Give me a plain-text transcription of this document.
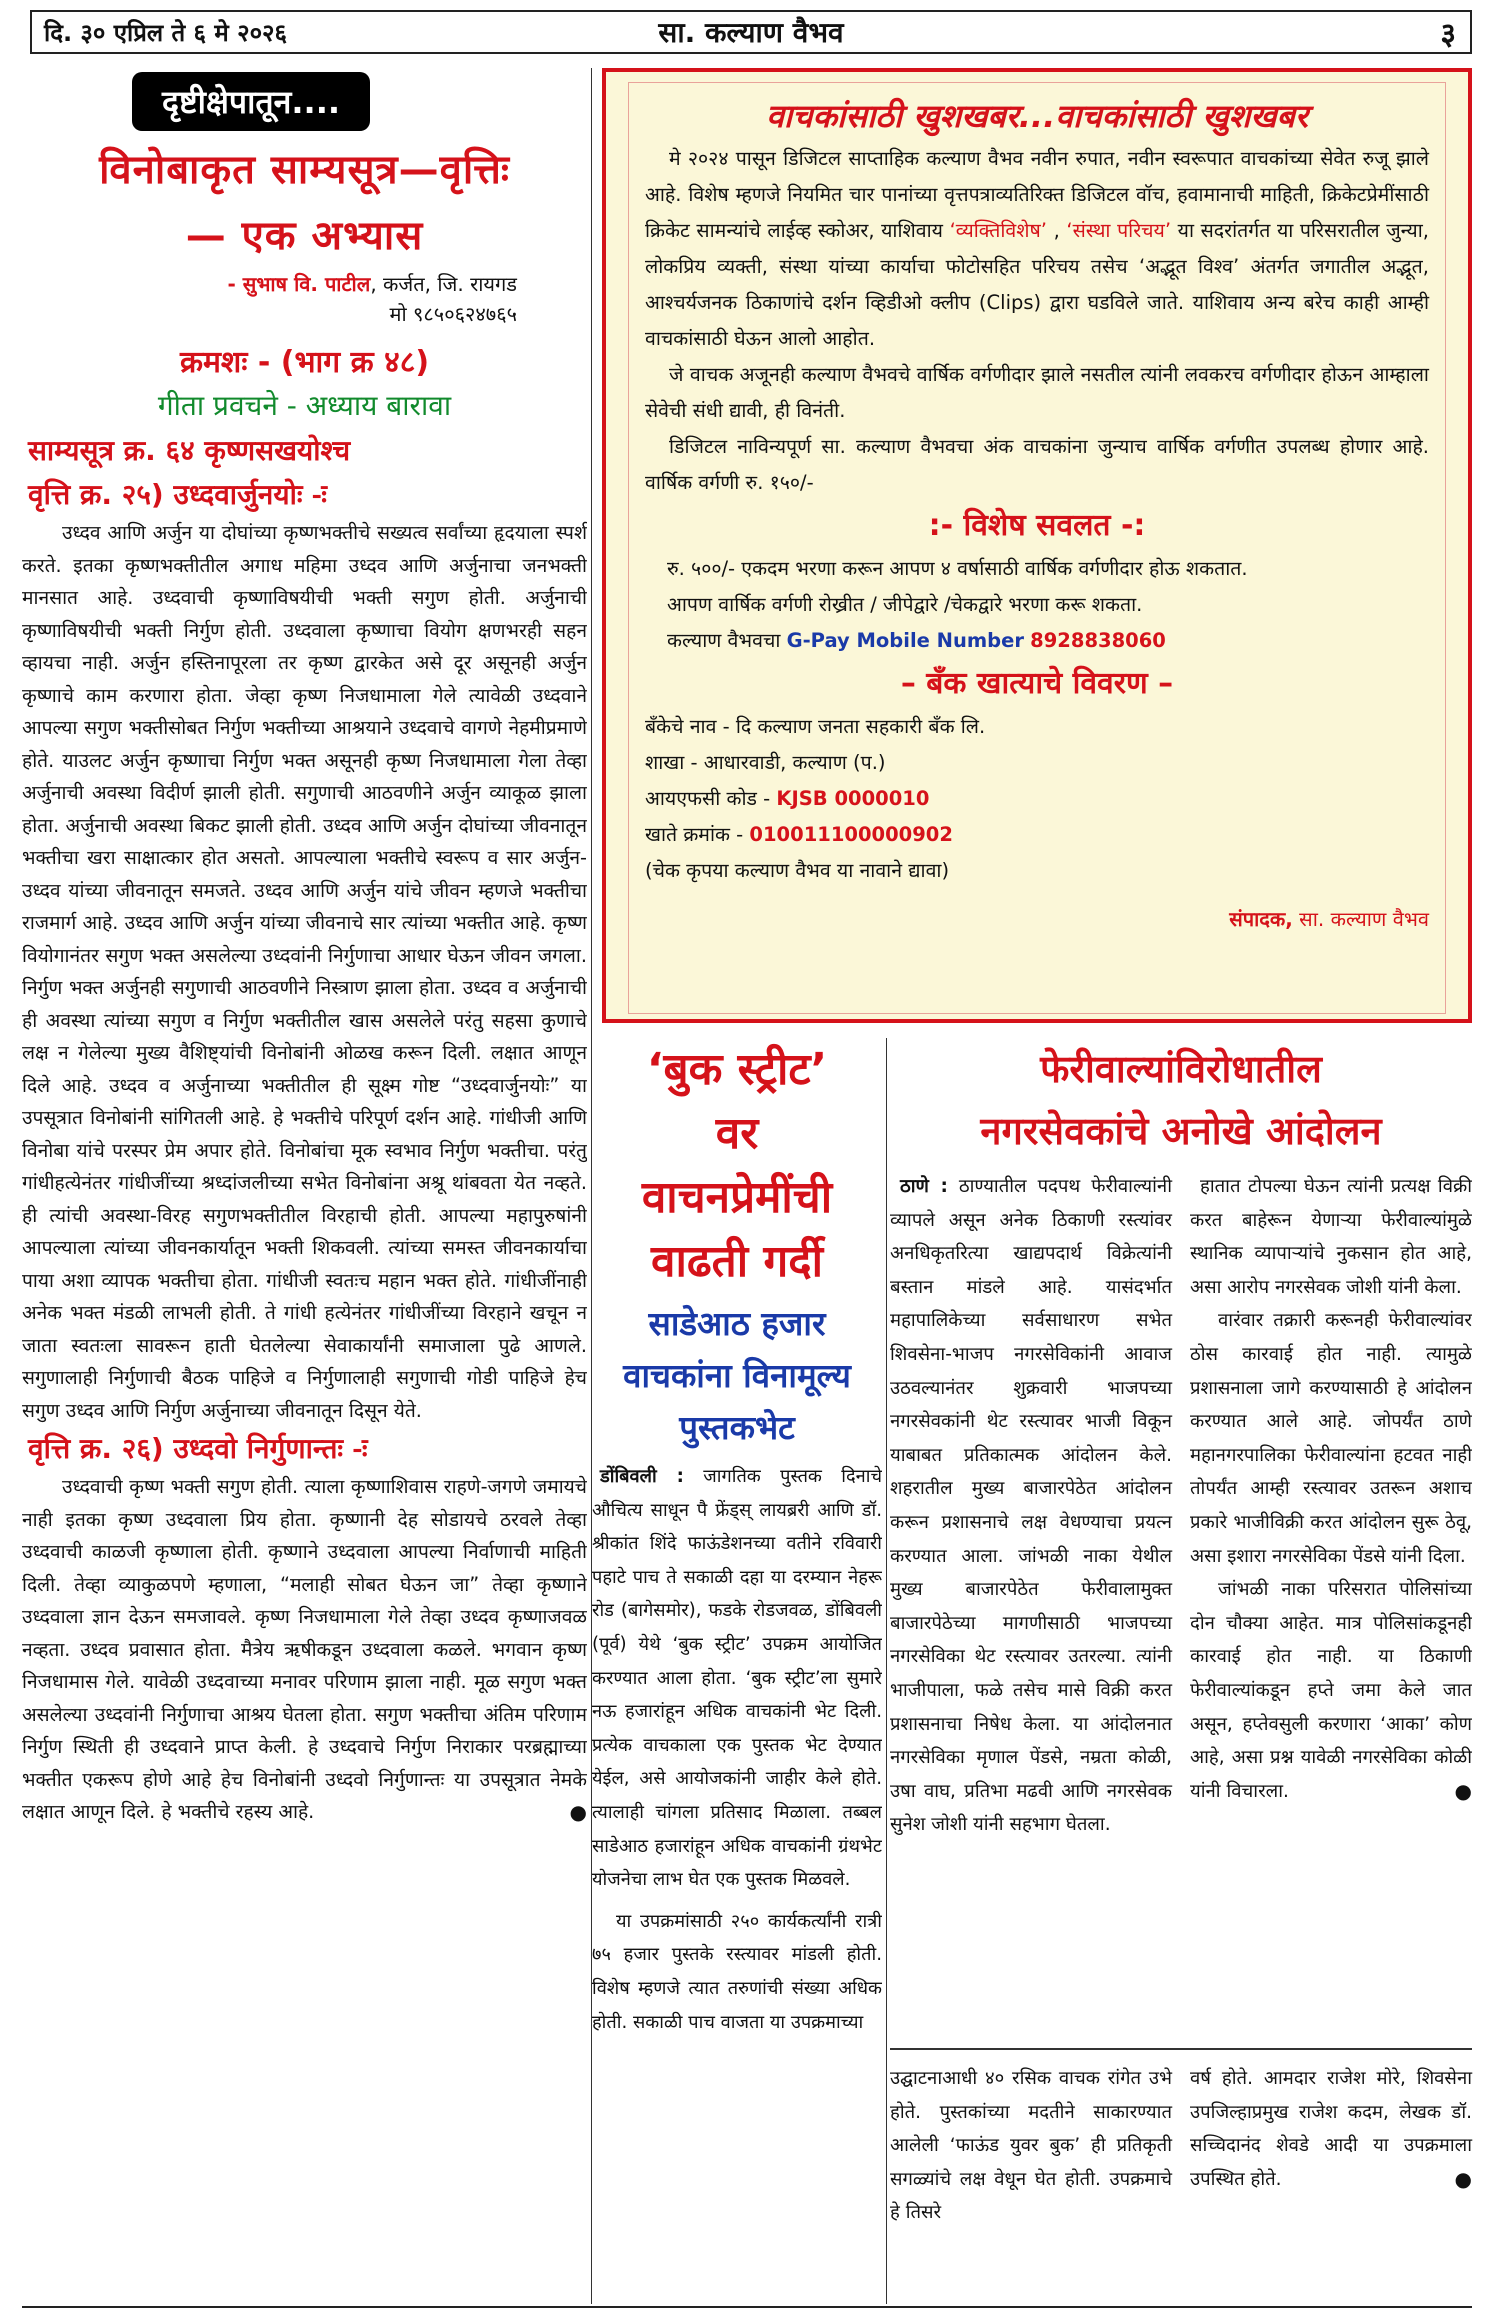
दि. ३० एप्रिल ते ६ मे २०२६	सा. कल्याण वैभव	३
दृष्टीक्षेपातून....
विनोबाकृत साम्यसूत्र—वृत्तिः
— एक अभ्यास
- सुभाष वि. पाटील, कर्जत, जि. रायगड
मो ९८५०६२४७६५
क्रमशः - (भाग क्र ४८)
गीता प्रवचने - अध्याय बारावा
साम्यसूत्र क्र. ६४ कृष्णसखयोश्च
वृत्ति क्र. २५) उध्दवार्जुनयोः -ः

उध्दव आणि अर्जुन या दोघांच्या कृष्णभक्तीचे सख्यत्व सर्वांच्या हृदयाला स्पर्श करते. इतका कृष्णभक्तीतील अगाध महिमा उध्दव आणि अर्जुनाचा जनभक्ती मानसात आहे. उध्दवाची कृष्णाविषयीची भक्ती सगुण होती. अर्जुनाची कृष्णाविषयीची भक्ती निर्गुण होती. उध्दवाला कृष्णाचा वियोग क्षणभरही सहन व्हायचा नाही. अर्जुन हस्तिनापूरला तर कृष्ण द्वारकेत असे दूर असूनही अर्जुन कृष्णाचे काम करणारा होता. जेव्हा कृष्ण निजधामाला गेले त्यावेळी उध्दवाने आपल्या सगुण भक्तीसोबत निर्गुण भक्तीच्या आश्रयाने उध्दवाचे वागणे नेहमीप्रमाणे होते. याउलट अर्जुन कृष्णाचा निर्गुण भक्त असूनही कृष्ण निजधामाला गेला तेव्हा अर्जुनाची अवस्था विदीर्ण झाली होती. सगुणाची आठवणीने अर्जुन व्याकूळ झाला होता. अर्जुनाची अवस्था बिकट झाली होती. उध्दव आणि अर्जुन दोघांच्या जीवनातून भक्तीचा खरा साक्षात्कार होत असतो. आपल्याला भक्तीचे स्वरूप व सार अर्जुन-उध्दव यांच्या जीवनातून समजते. उध्दव आणि अर्जुन यांचे जीवन म्हणजे भक्तीचा राजमार्ग आहे. उध्दव आणि अर्जुन यांच्या जीवनाचे सार त्यांच्या भक्तीत आहे. कृष्ण वियोगानंतर सगुण भक्त असलेल्या उध्दवांनी निर्गुणाचा आधार घेऊन जीवन जगला. निर्गुण भक्त अर्जुनही सगुणाची आठवणीने निस्त्राण झाला होता. उध्दव व अर्जुनाची ही अवस्था त्यांच्या सगुण व निर्गुण भक्तीतील खास असलेले परंतु सहसा कुणाचे लक्ष न गेलेल्या मुख्य वैशिष्ट्यांची विनोबांनी ओळख करून दिली. लक्षात आणून दिले आहे. उध्दव व अर्जुनाच्या भक्तीतील ही सूक्ष्म गोष्ट “उध्दवार्जुनयोः” या उपसूत्रात विनोबांनी सांगितली आहे. हे भक्तीचे परिपूर्ण दर्शन आहे. गांधीजी आणि विनोबा यांचे परस्पर प्रेम अपार होते. विनोबांचा मूक स्वभाव निर्गुण भक्तीचा. परंतु गांधीहत्येनंतर गांधीजींच्या श्रध्दांजलीच्या सभेत विनोबांना अश्रू थांबवता येत नव्हते. ही त्यांची अवस्था-विरह सगुणभक्तीतील विरहाची होती. आपल्या महापुरुषांनी आपल्याला त्यांच्या जीवनकार्यातून भक्ती शिकवली. त्यांच्या समस्त जीवनकार्याचा पाया अशा व्यापक भक्तीचा होता. गांधीजी स्वतःच महान भक्त होते. गांधीजींनाही अनेक भक्त मंडळी लाभली होती. ते गांधी हत्येनंतर गांधीजींच्या विरहाने खचून न जाता स्वतःला सावरून हाती घेतलेल्या सेवाकार्यांनी समाजाला पुढे आणले. सगुणालाही निर्गुणाची बैठक पाहिजे व निर्गुणालाही सगुणाची गोडी पाहिजे हेच सगुण उध्दव आणि निर्गुण अर्जुनाच्या जीवनातून दिसून येते.

वृत्ति क्र. २६) उध्दवो निर्गुणान्तः -ः

उध्दवाची कृष्ण भक्ती सगुण होती. त्याला कृष्णाशिवास राहणे-जगणे जमायचे नाही इतका कृष्ण उध्दवाला प्रिय होता. कृष्णानी देह सोडायचे ठरवले तेव्हा उध्दवाची काळजी कृष्णाला होती. कृष्णाने उध्दवाला आपल्या निर्वाणाची माहिती दिली. तेव्हा व्याकुळपणे म्हणाला, “मलाही सोबत घेऊन जा” तेव्हा कृष्णाने उध्दवाला ज्ञान देऊन समजावले. कृष्ण निजधामाला गेले तेव्हा उध्दव कृष्णाजवळ नव्हता. उध्दव प्रवासात होता. मैत्रेय ऋषीकडून उध्दवाला कळले. भगवान कृष्ण निजधामास गेले. यावेळी उध्दवाच्या मनावर परिणाम झाला नाही. मूळ सगुण भक्त असलेल्या उध्दवांनी निर्गुणाचा आश्रय घेतला होता. सगुण भक्तीचा अंतिम परिणाम निर्गुण स्थिती ही उध्दवाने प्राप्त केली. हे उध्दवाचे निर्गुण निराकार परब्रह्माच्या भक्तीत एकरूप होणे आहे हेच विनोबांनी उध्दवो निर्गुणान्तः या उपसूत्रात नेमके लक्षात आणून दिले. हे भक्तीचे रहस्य आहे.	●

वाचकांसाठी खुशखबर...वाचकांसाठी खुशखबर

मे २०२४ पासून डिजिटल साप्ताहिक कल्याण वैभव नवीन रुपात, नवीन स्वरूपात वाचकांच्या सेवेत रुजू झाले आहे. विशेष म्हणजे नियमित चार पानांच्या वृत्तपत्राव्यतिरिक्त डिजिटल वॉच, हवामानाची माहिती, क्रिकेटप्रेमींसाठी क्रिकेट सामन्यांचे लाईव्ह स्कोअर, याशिवाय ‘व्यक्तिविशेष’ , ‘संस्था परिचय’ या सदरांतर्गत या परिसरातील जुन्या, लोकप्रिय व्यक्ती, संस्था यांच्या कार्याचा फोटोसहित परिचय तसेच ‘अद्भूत विश्व’ अंतर्गत जगातील अद्भूत, आश्चर्यजनक ठिकाणांचे दर्शन व्हिडीओ क्लीप (Clips) द्वारा घडविले जाते. याशिवाय अन्य बरेच काही आम्ही वाचकांसाठी घेऊन आलो आहोत.

जे वाचक अजूनही कल्याण वैभवचे वार्षिक वर्गणीदार झाले नसतील त्यांनी लवकरच वर्गणीदार होऊन आम्हाला सेवेची संधी द्यावी, ही विनंती.

डिजिटल नाविन्यपूर्ण सा. कल्याण वैभवचा अंक वाचकांना जुन्याच वार्षिक वर्गणीत उपलब्ध होणार आहे. वार्षिक वर्गणी रु. १५०/-

:- विशेष सवलत -:

रु. ५००/- एकदम भरणा करून आपण ४ वर्षासाठी वार्षिक वर्गणीदार होऊ शकतात.

आपण वार्षिक वर्गणी रोख्रीत / जीपेद्वारे /चेकद्वारे भरणा करू शकता.

कल्याण वैभवचा G-Pay Mobile Number 8928838060

– बँक खात्याचे विवरण –

बँकेचे नाव - दि कल्याण जनता सहकारी बँक लि.

शाखा - आधारवाडी, कल्याण (प.)

आयएफसी कोड - KJSB 0000010

खाते क्रमांक - 010011100000902

(चेक कृपया कल्याण वैभव या नावाने द्यावा)

संपादक, सा. कल्याण वैभव
‘बुक स्ट्रीट’
वर
वाचनप्रेमींची
वाढती गर्दी
साडेआठ हजार
वाचकांना विनामूल्य
पुस्तकभेट

डोंबिवली : जागतिक पुस्तक दिनाचे औचित्य साधून पै फ्रेंड्स् लायब्ररी आणि डॉ. श्रीकांत शिंदे फाऊंडेशनच्या वतीने रविवारी पहाटे पाच ते सकाळी दहा या दरम्यान नेहरू रोड (बागेसमोर), फडके रोडजवळ, डोंबिवली (पूर्व) येथे ‘बुक स्ट्रीट’ उपक्रम आयोजित करण्यात आला होता. ‘बुक स्ट्रीट’ला सुमारे नऊ हजारांहून अधिक वाचकांनी भेट दिली. प्रत्येक वाचकाला एक पुस्तक भेट देण्यात येईल, असे आयोजकांनी जाहीर केले होते. त्यालाही चांगला प्रतिसाद मिळाला. तब्बल साडेआठ हजारांहून अधिक वाचकांनी ग्रंथभेट योजनेचा लाभ घेत एक पुस्तक मिळवले.

या उपक्रमांसाठी २५० कार्यकर्त्यांनी रात्री ७५ हजार पुस्तके रस्त्यावर मांडली होती. विशेष म्हणजे त्यात तरुणांची संख्या अधिक होती. सकाळी पाच वाजता या उपक्रमाच्या

फेरीवाल्यांविरोधातील
नगरसेवकांचे अनोखे आंदोलन

ठाणे : ठाण्यातील पदपथ फेरीवाल्यांनी व्यापले असून अनेक ठिकाणी रस्त्यांवर अनधिकृतरित्या खाद्यपदार्थ विक्रेत्यांनी बस्तान मांडले आहे. यासंदर्भात महापालिकेच्या सर्वसाधारण सभेत शिवसेना-भाजप नगरसेविकांनी आवाज उठवल्यानंतर शुक्रवारी भाजपच्या नगरसेवकांनी थेट रस्त्यावर भाजी विकून याबाबत प्रतिकात्मक आंदोलन केले. शहरातील मुख्य बाजारपेठेत आंदोलन करून प्रशासनाचे लक्ष वेधण्याचा प्रयत्न करण्यात आला. जांभळी नाका येथील मुख्य बाजारपेठेत फेरीवालामुक्त बाजारपेठेच्या मागणीसाठी भाजपच्या नगरसेविका थेट रस्त्यावर उतरल्या. त्यांनी भाजीपाला, फळे तसेच मासे विक्री करत प्रशासनाचा निषेध केला. या आंदोलनात नगरसेविका मृणाल पेंडसे, नम्रता कोळी, उषा वाघ, प्रतिभा मढवी आणि नगरसेवक सुनेश जोशी यांनी सहभाग घेतला.

हातात टोपल्या घेऊन त्यांनी प्रत्यक्ष विक्री करत बाहेरून येणाऱ्या फेरीवाल्यांमुळे स्थानिक व्यापाऱ्यांचे नुकसान होत आहे, असा आरोप नगरसेवक जोशी यांनी केला.

वारंवार तक्रारी करूनही फेरीवाल्यांवर ठोस कारवाई होत नाही. त्यामुळे प्रशासनाला जागे करण्यासाठी हे आंदोलन करण्यात आले आहे. जोपर्यंत ठाणे महानगरपालिका फेरीवाल्यांना हटवत नाही तोपर्यंत आम्ही रस्त्यावर उतरून अशाच प्रकारे भाजीविक्री करत आंदोलन सुरू ठेवू, असा इशारा नगरसेविका पेंडसे यांनी दिला.

जांभळी नाका परिसरात पोलिसांच्या दोन चौक्या आहेत. मात्र पोलिसांकडूनही कारवाई होत नाही. या ठिकाणी फेरीवाल्यांकडून हप्ते जमा केले जात असून, हप्तेवसुली करणारा ‘आका’ कोण आहे, असा प्रश्न यावेळी नगरसेविका कोळी यांनी विचारला.	●

उद्घाटनाआधी ४० रसिक वाचक रांगेत उभे होते. पुस्तकांच्या मदतीने साकारण्यात आलेली ‘फाऊंड युवर बुक’ ही प्रतिकृती सगळ्यांचे लक्ष वेधून घेत होती. उपक्रमाचे हे तिसरे

वर्ष होते. आमदार राजेश मोरे, शिवसेना उपजिल्हाप्रमुख राजेश कदम, लेखक डॉ. सच्चिदानंद शेवडे आदी या उपक्रमाला उपस्थित होते.	●
